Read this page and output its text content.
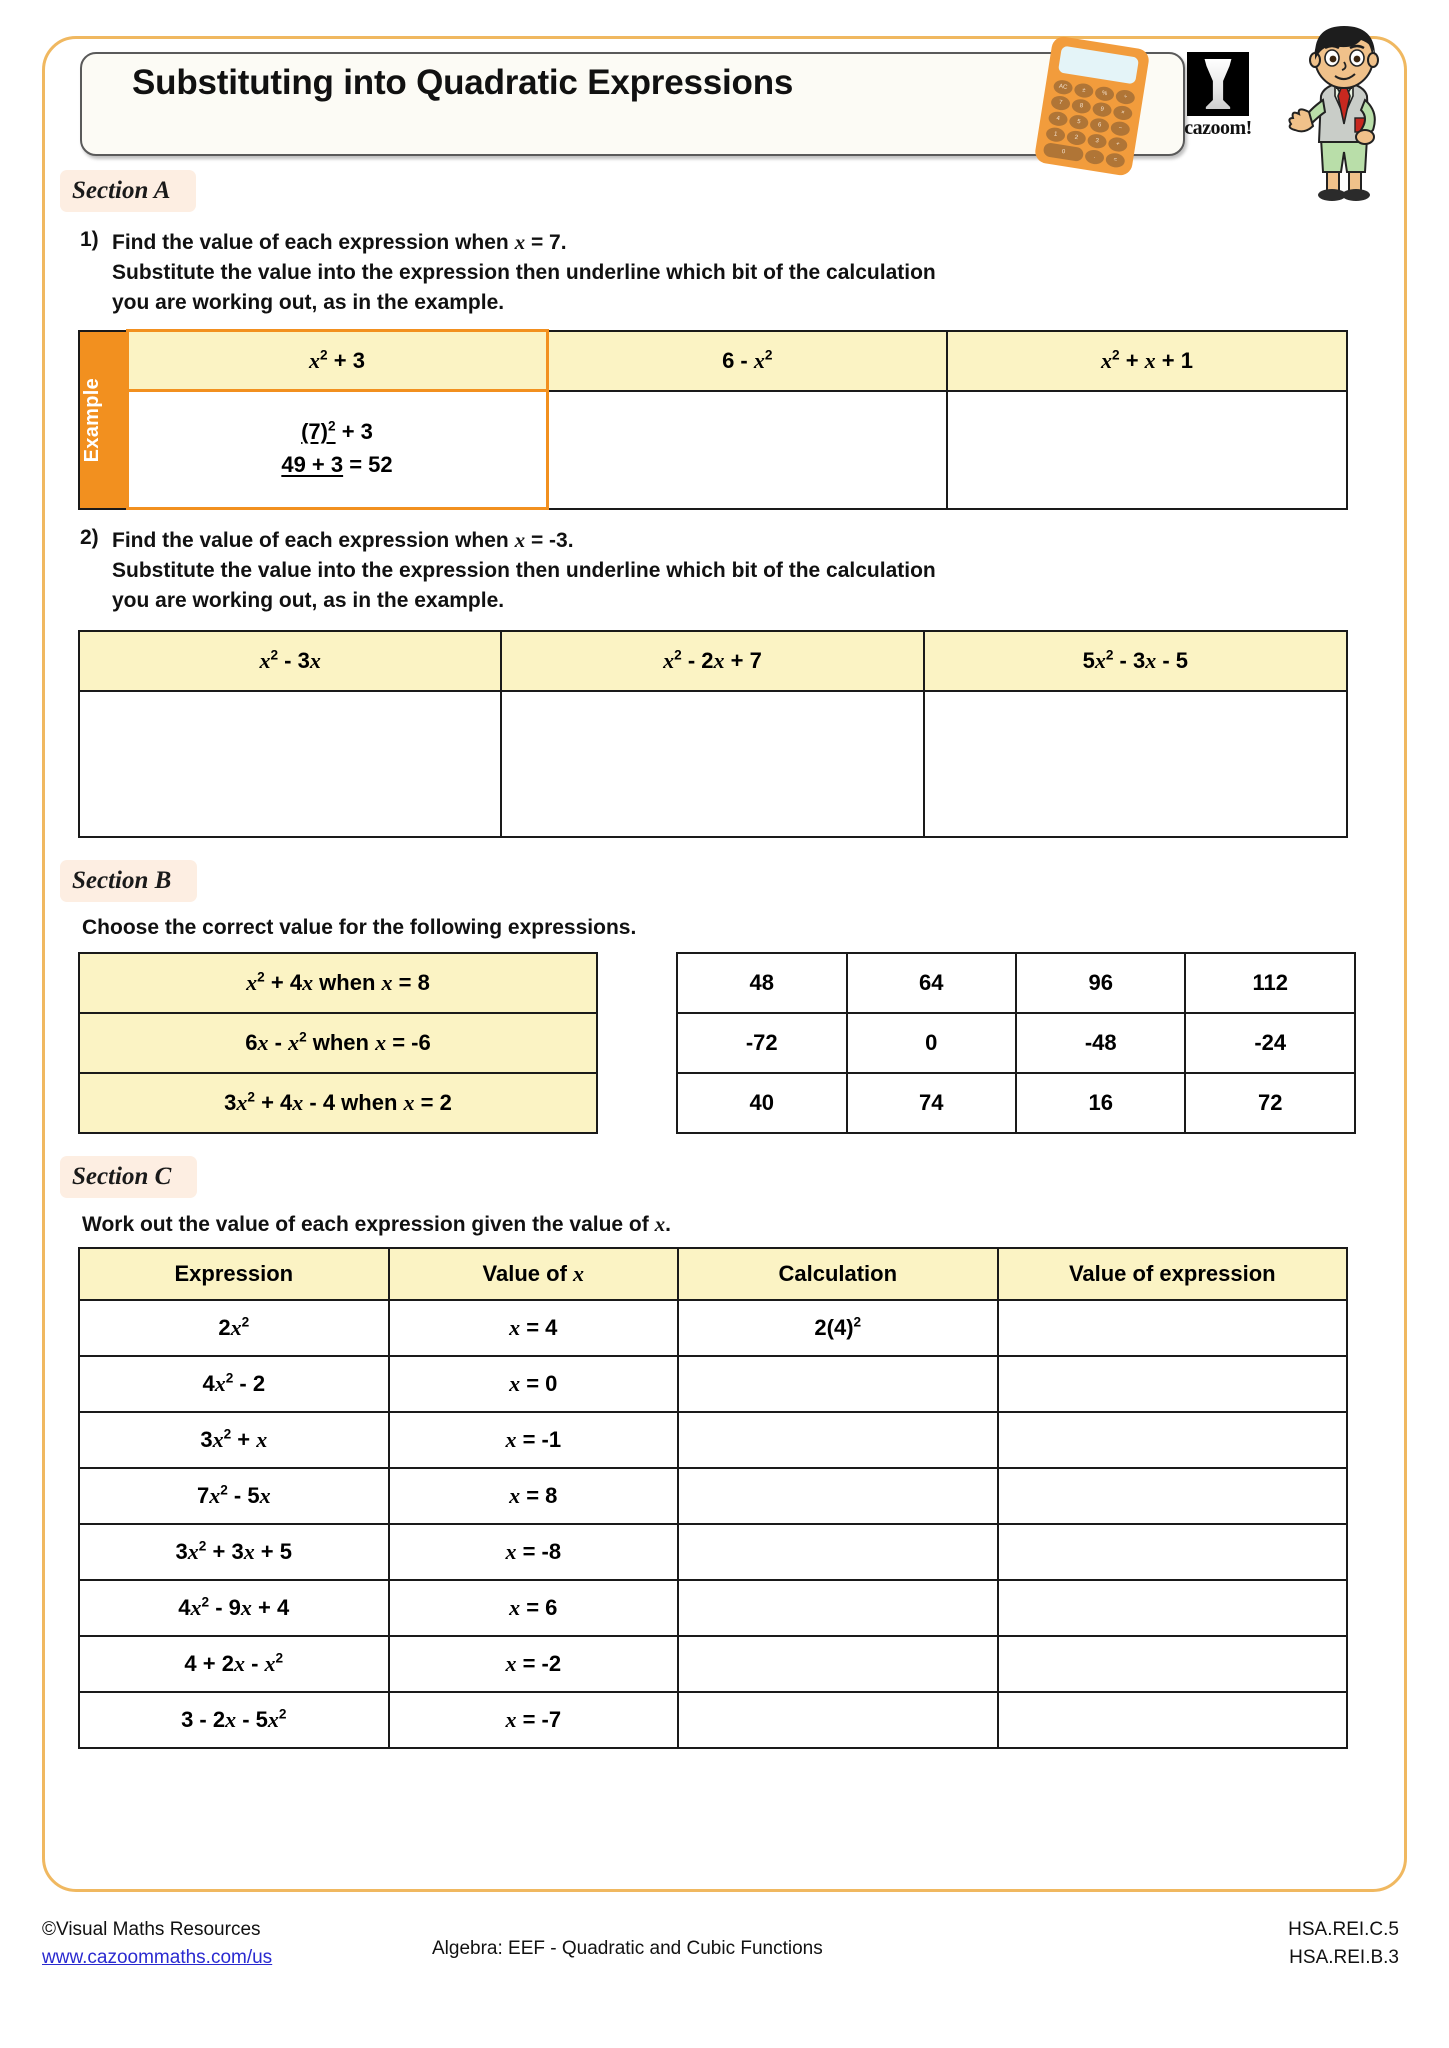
Substituting into Quadratic Expressions	AC	±	%	÷
7
8
9
×
4
5
6
−
1
2
3
+
0
.
=
cazoom!
Section A
1) Find the value of each expression when x = 7.
Substitute the value into the expression then underline which bit of the calculation
you are working out, as in the example.
Example	$x^2 + 3$	$6 - x^2$	$x^2 + x + 1$

	$(7)^2 + 3$
49 + 3 = 52		

2) Find the value of each expression when x = -3.
Substitute the value into the expression then underline which bit of the calculation
you are working out, as in the example.
$x^2 - 3x$	$x^2 - 2x + 7$	$5x^2 - 3x - 5$

Section B
Choose the correct value for the following expressions.
$x^2 + 4x$ when x = 8
$6x - x^2$ when x = -6
$3x^2 + 4x - 4$ when x = 2
48	64	96	112
-72	0	-48	-24
40	74	16	72
Section C
Work out the value of each expression given the value of x.
Expression	Value of x	Calculation	Value of expression
$2x^2$	x = 4	$2(4)^2$	
$4x^2 - 2$	x = 0		
$3x^2 + x$	x = -1		
$7x^2 - 5x$	x = 8		
$3x^2 + 3x + 5$	x = -8		
$4x^2 - 9x + 4$	x = 6		
$4 + 2x - x^2$	x = -2		
$3 - 2x - 5x^2$	x = -7		
©Visual Maths Resources
www.cazoommaths.com/us	Algebra: EEF - Quadratic and Cubic Functions
HSA.REI.C.5
HSA.REI.B.3
